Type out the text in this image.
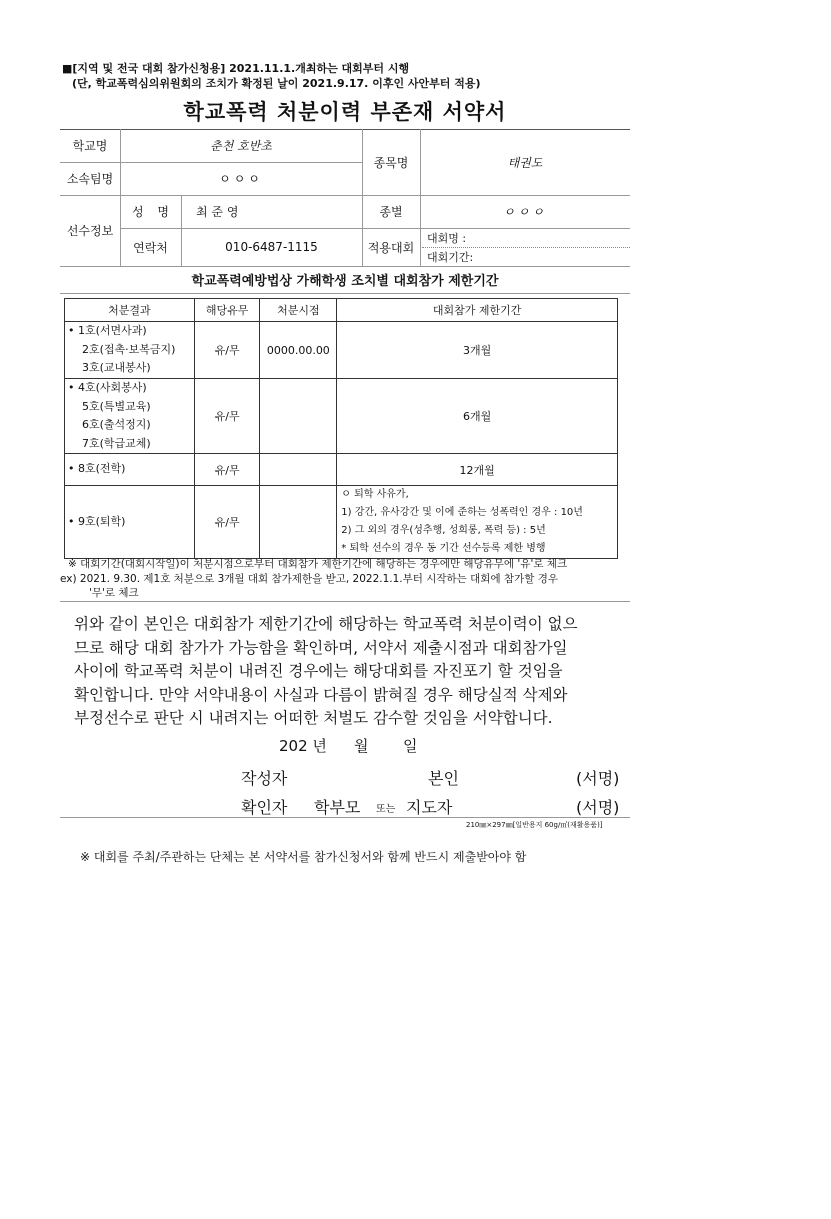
■[지역 및 전국 대회 참가신청용] 2021.11.1.개최하는 대회부터 시행
(단, 학교폭력심의위원회의 조치가 확정된 날이 2021.9.17. 이후인 사안부터 적용)
학교폭력 처분이력 부존재 서약서
학교명	춘천 호반초
소속팀명	ㅇㅇㅇ
종목명	태권도
선수정보
성 명	최 준 영	종별	ㅇㅇㅇ
연락처	010-6487-1115	적용대회
대회명 :
대회기간:
학교폭력예방법상 가해학생 조치별 대회참가 제한기간
처분결과	해당유무	처분시점	대회참가 제한기간

• 1호(서면사과)
2호(접촉·보복금지)
3호(교내봉사)	유/무	0000.00.00	3개월

• 4호(사회봉사)
5호(특별교육)
6호(출석정지)
7호(학급교체)	유/무		6개월

• 8호(전학)	유/무		12개월

• 9호(퇴학)	유/무		ㅇ 퇴학 사유가,
1) 강간, 유사강간 및 이에 준하는 성폭력인 경우 : 10년
2) 그 외의 경우(성추행, 성희롱, 폭력 등) : 5년
* 퇴학 선수의 경우 동 기간 선수등록 제한 병행
※ 대회기간(대회시작일)이 처분시점으로부터 대회참가 제한기간에 해당하는 경우에만 해당유무에 '유'로 체크
ex) 2021. 9.30. 제1호 처분으로 3개월 대회 참가제한을 받고, 2022.1.1.부터 시작하는 대회에 참가할 경우
'무'로 체크
위와 같이 본인은 대회참가 제한기간에 해당하는 학교폭력 처분이력이 없으
므로 해당 대회 참가가 가능함을 확인하며, 서약서 제출시점과 대회참가일
사이에 학교폭력 처분이 내려진 경우에는 해당대회를 자진포기 할 것임을
확인합니다. 만약 서약내용이 사실과 다름이 밝혀질 경우 해당실적 삭제와
부정선수로 판단 시 내려지는 어떠한 처벌도 감수할 것임을 서약합니다.
202 년 월 일
작성자	본인	(서명)
확인자 학부모 또는 지도자	(서명)
210㎜×297㎜[일반용지 60g/㎡(재활용품)]
※ 대회를 주최/주관하는 단체는 본 서약서를 참가신청서와 함께 반드시 제출받아야 함
